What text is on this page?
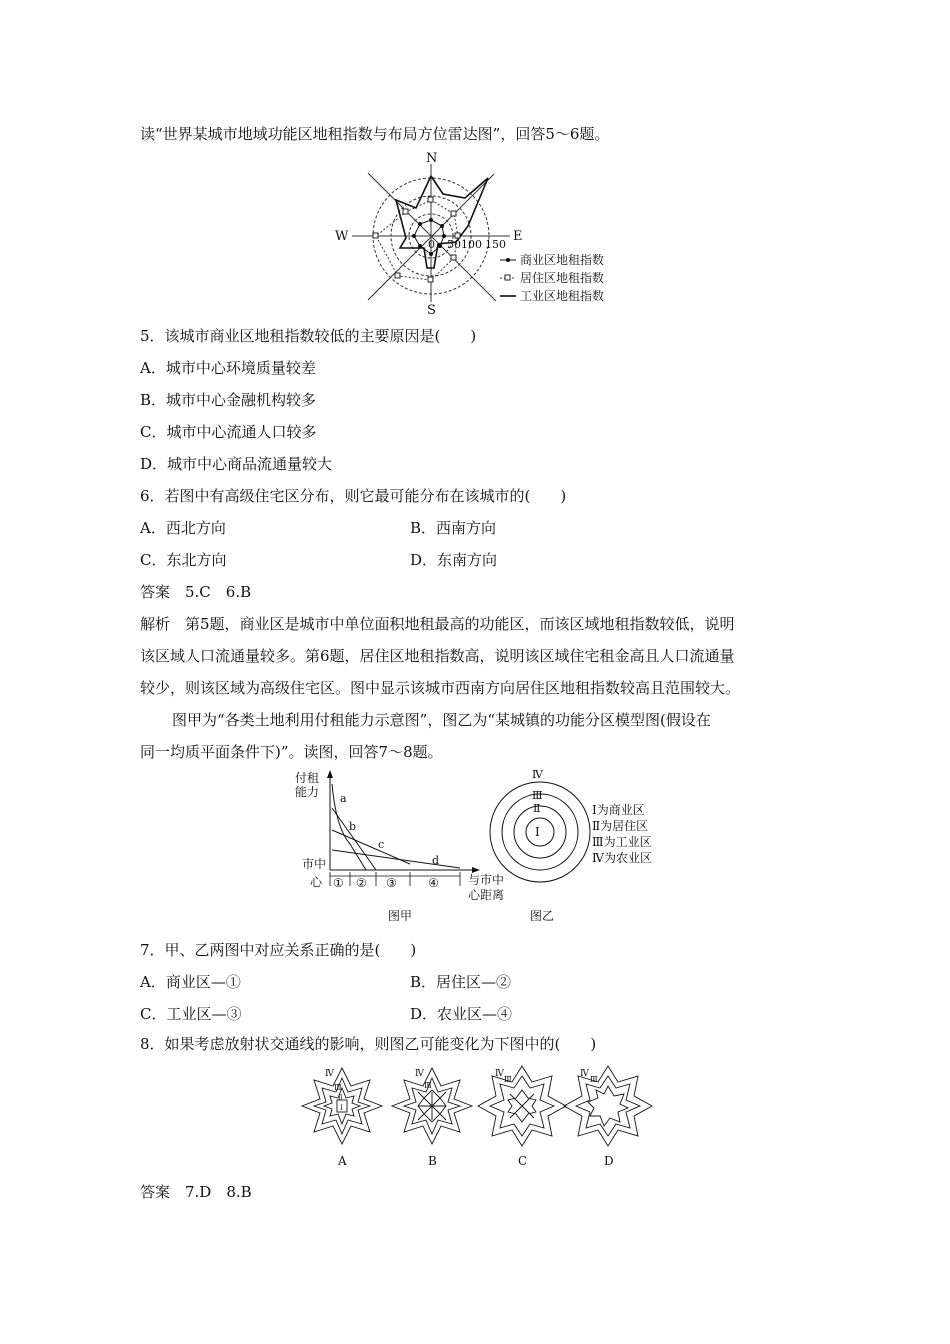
读“世界某城市地域功能区地租指数与布局方位雷达图”，回答5～6题。
N
S
W	E
0 50 100 150
商业区地租指数
居住区地租指数
工业区地租指数
5．该城市商业区地租指数较低的主要原因是(　　)
A．城市中心环境质量较差
B．城市中心金融机构较多
C．城市中心流通人口较多
D．城市中心商品流通量较大
6．若图中有高级住宅区分布，则它最可能分布在该城市的(　　)
A．西北方向	B．西南方向
C．东北方向	D．东南方向
答案　5.C　6.B
解析　第5题，商业区是城市中单位面积地租最高的功能区，而该区域地租指数较低，说明
该区域人口流通量较多。第6题，居住区地租指数高，说明该区域住宅租金高且人口流通量
较少，则该区域为高级住宅区。图中显示该城市西南方向居住区地租指数较高且范围较大。
图甲为“各类土地利用付租能力示意图”，图乙为“某城镇的功能分区模型图(假设在
同一均质平面条件下)”。读图，回答7～8题。
付租
能力 a
b
c
d
市中
心 ① ② ③	④ 与市中
心距离
图甲
Ⅰ
Ⅱ
Ⅲ
Ⅳ
Ⅰ为商业区
Ⅱ为居住区
Ⅲ为工业区
Ⅳ为农业区
图乙
7．甲、乙两图中对应关系正确的是(　　)
A．商业区—①	B．居住区—②
C．工业区—③	D．农业区—④
8．如果考虑放射状交通线的影响，则图乙可能变化为下图中的(　　)
Ⅳ
Ⅲ
Ⅱ
Ⅰ
Ⅳ
Ⅲ
Ⅳ
Ⅲ
Ⅳ
Ⅲ
A	B	C	D
答案　7.D　8.B
